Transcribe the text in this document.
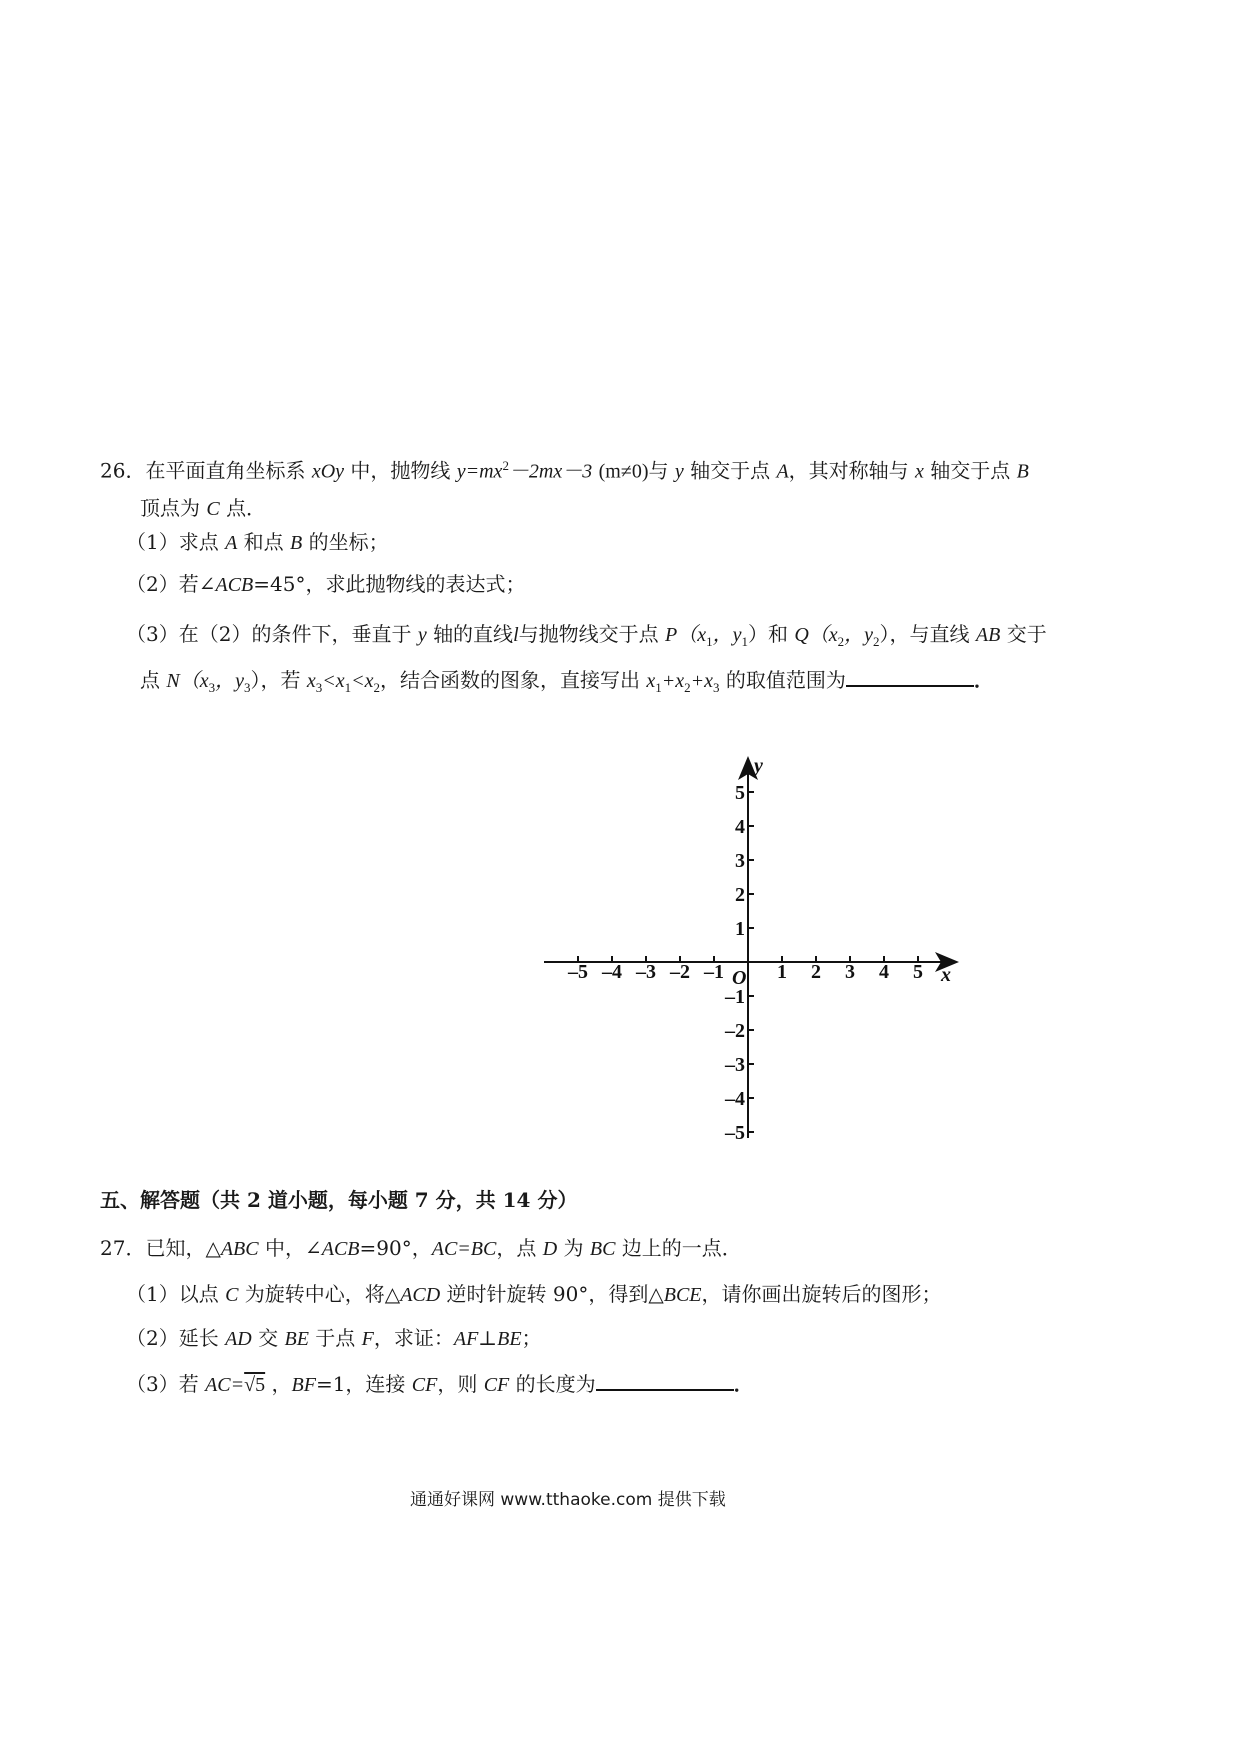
26．在平面直角坐标系 xOy 中，抛物线 $y=mx^2-2mx-3$ (m≠0)与 y 轴交于点 A，其对称轴与 x 轴交于点 B
顶点为 C 点．
（1）求点 A 和点 B 的坐标；
（2）若∠ACB=45°，求此抛物线的表达式；
（3）在（2）的条件下，垂直于 y 轴的直线l与抛物线交于点 $P(x_1$，$y_1$）和 $Q(x_2$，$y_2$），与直线 AB 交于
点 $N(x_3$，$y_3$），若 $x_3<x_1<x_2$，结合函数的图象，直接写出 $x_1+x_2+x_3$ 的取值范围为	．
x
y
O
–5 –4 –3 –2 –1	1 2 3 4 5
5
4
3
2
1
–1
–2
–3
–4
–5
五、解答题（共 2 道小题，每小题 7 分，共 14 分）
27．已知，△ABC 中，∠ACB=90°，AC=BC，点 D 为 BC 边上的一点．
（1）以点 C 为旋转中心，将△ACD 逆时针旋转 90°，得到△BCE，请你画出旋转后的图形；
（2）延长 AD 交 BE 于点 F，求证：AF⊥BE；
（3）若 AC=√5 ，BF=1，连接 CF，则 CF 的长度为	．
通通好课网 www.tthaoke.com 提供下载
